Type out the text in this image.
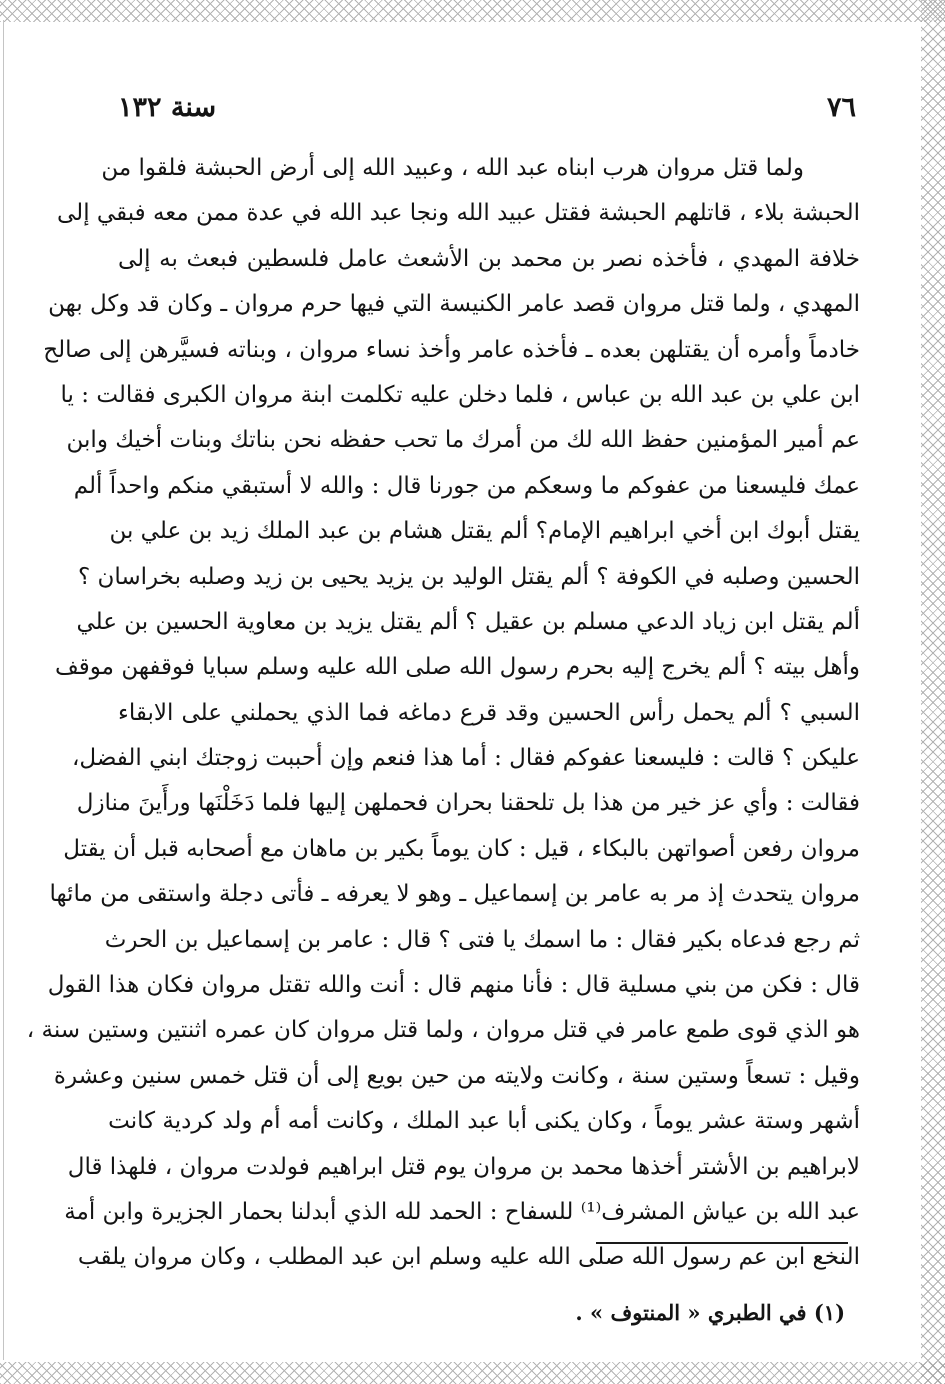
٧٦
سنة ١٣٢
ولما قتل مروان هرب ابناه عبد الله ، وعبيد الله إلى أرض الحبشة فلقوا من
الحبشة بلاء ، قاتلهم الحبشة فقتل عبيد الله ونجا عبد الله في عدة ممن معه فبقي إلى
خلافة المهدي ، فأخذه نصر بن محمد بن الأشعث عامل فلسطين فبعث به إلى
المهدي ، ولما قتل مروان قصد عامر الكنيسة التي فيها حرم مروان ـ وكان قد وكل بهن
خادماً وأمره أن يقتلهن بعده ـ فأخذه عامر وأخذ نساء مروان ، وبناته فسيَّرهن إلى صالح
ابن علي بن عبد الله بن عباس ، فلما دخلن عليه تكلمت ابنة مروان الكبرى فقالت : يا
عم أمير المؤمنين حفظ الله لك من أمرك ما تحب حفظه نحن بناتك وبنات أخيك وابن
عمك فليسعنا من عفوكم ما وسعكم من جورنا قال : والله لا أستبقي منكم واحداً ألم
يقتل أبوك ابن أخي ابراهيم الإمام؟ ألم يقتل هشام بن عبد الملك زيد بن علي بن
الحسين وصلبه في الكوفة ؟ ألم يقتل الوليد بن يزيد يحيى بن زيد وصلبه بخراسان ؟
ألم يقتل ابن زياد الدعي مسلم بن عقيل ؟ ألم يقتل يزيد بن معاوية الحسين بن علي
وأهل بيته ؟ ألم يخرج إليه بحرم رسول الله صلى الله عليه وسلم سبايا فوقفهن موقف
السبي ؟ ألم يحمل رأس الحسين وقد قرع دماغه فما الذي يحملني على الابقاء
عليكن ؟ قالت : فليسعنا عفوكم فقال : أما هذا فنعم وإن أحببت زوجتك ابني الفضل،
فقالت : وأي عز خير من هذا بل تلحقنا بحران فحملهن إليها فلما دَخَلْنَها ورأَينَ منازل
مروان رفعن أصواتهن بالبكاء ، قيل : كان يوماً بكير بن ماهان مع أصحابه قبل أن يقتل
مروان يتحدث إذ مر به عامر بن إسماعيل ـ وهو لا يعرفه ـ فأتى دجلة واستقى من مائها
ثم رجع فدعاه بكير فقال : ما اسمك يا فتى ؟ قال : عامر بن إسماعيل بن الحرث
قال : فكن من بني مسلية قال : فأنا منهم قال : أنت والله تقتل مروان فكان هذا القول
هو الذي قوى طمع عامر في قتل مروان ، ولما قتل مروان كان عمره اثنتين وستين سنة ،
وقيل : تسعاً وستين سنة ، وكانت ولايته من حين بويع إلى أن قتل خمس سنين وعشرة
أشهر وستة عشر يوماً ، وكان يكنى أبا عبد الملك ، وكانت أمه أم ولد كردية كانت
لابراهيم بن الأشتر أخذها محمد بن مروان يوم قتل ابراهيم فولدت مروان ، فلهذا قال
عبد الله بن عياش المشرف⁽¹⁾ للسفاح : الحمد لله الذي أبدلنا بحمار الجزيرة وابن أمة
النخع ابن عم رسول الله صلى الله عليه وسلم ابن عبد المطلب ، وكان مروان يلقب
(١) في الطبري « المنتوف » .
